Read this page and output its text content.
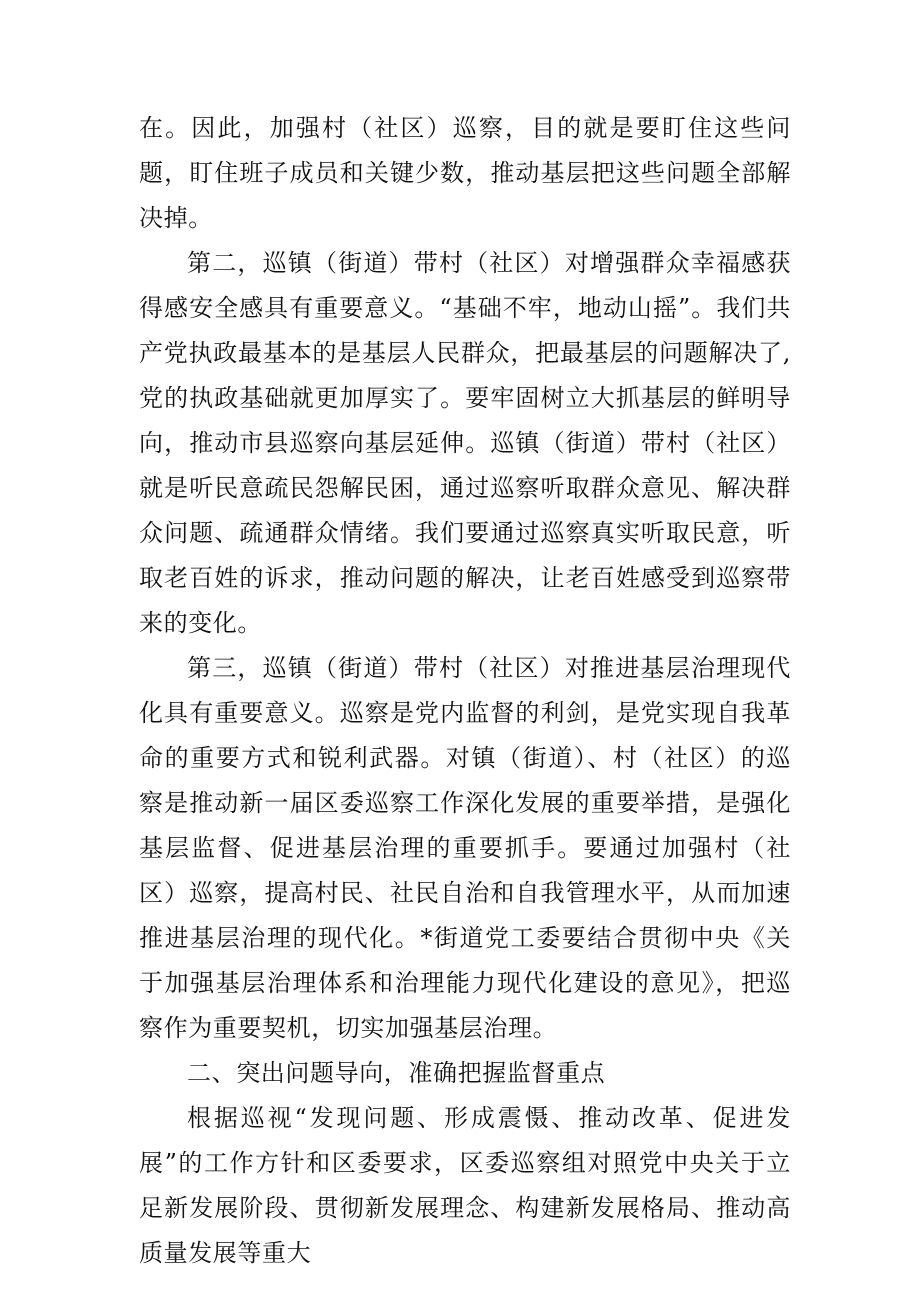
在。因此，加强村（社区）巡察，目的就是要盯住这些问题，盯住班子成员和关键少数，推动基层把这些问题全部解决掉。

第二，巡镇（街道）带村（社区）对增强群众幸福感获得感安全感具有重要意义。“基础不牢，地动山摇”。我们共产党执政最基本的是基层人民群众，把最基层的问题解决了,党的执政基础就更加厚实了。要牢固树立大抓基层的鲜明导向，推动市县巡察向基层延伸。巡镇（街道）带村（社区）就是听民意疏民怨解民困，通过巡察听取群众意见、解决群众问题、疏通群众情绪。我们要通过巡察真实听取民意，听取老百姓的诉求，推动问题的解决，让老百姓感受到巡察带来的变化。

第三，巡镇（街道）带村（社区）对推进基层治理现代化具有重要意义。巡察是党内监督的利剑，是党实现自我革命的重要方式和锐利武器。对镇（街道）、村（社区）的巡察是推动新一届区委巡察工作深化发展的重要举措，是强化基层监督、促进基层治理的重要抓手。要通过加强村（社区）巡察，提高村民、社民自治和自我管理水平，从而加速推进基层治理的现代化。*街道党工委要结合贯彻中央《关于加强基层治理体系和治理能力现代化建设的意见》，把巡察作为重要契机，切实加强基层治理。

二、突出问题导向，准确把握监督重点

根据巡视“发现问题、形成震慑、推动改革、促进发展”的工作方针和区委要求，区委巡察组对照党中央关于立足新发展阶段、贯彻新发展理念、构建新发展格局、推动高质量发展等重大
